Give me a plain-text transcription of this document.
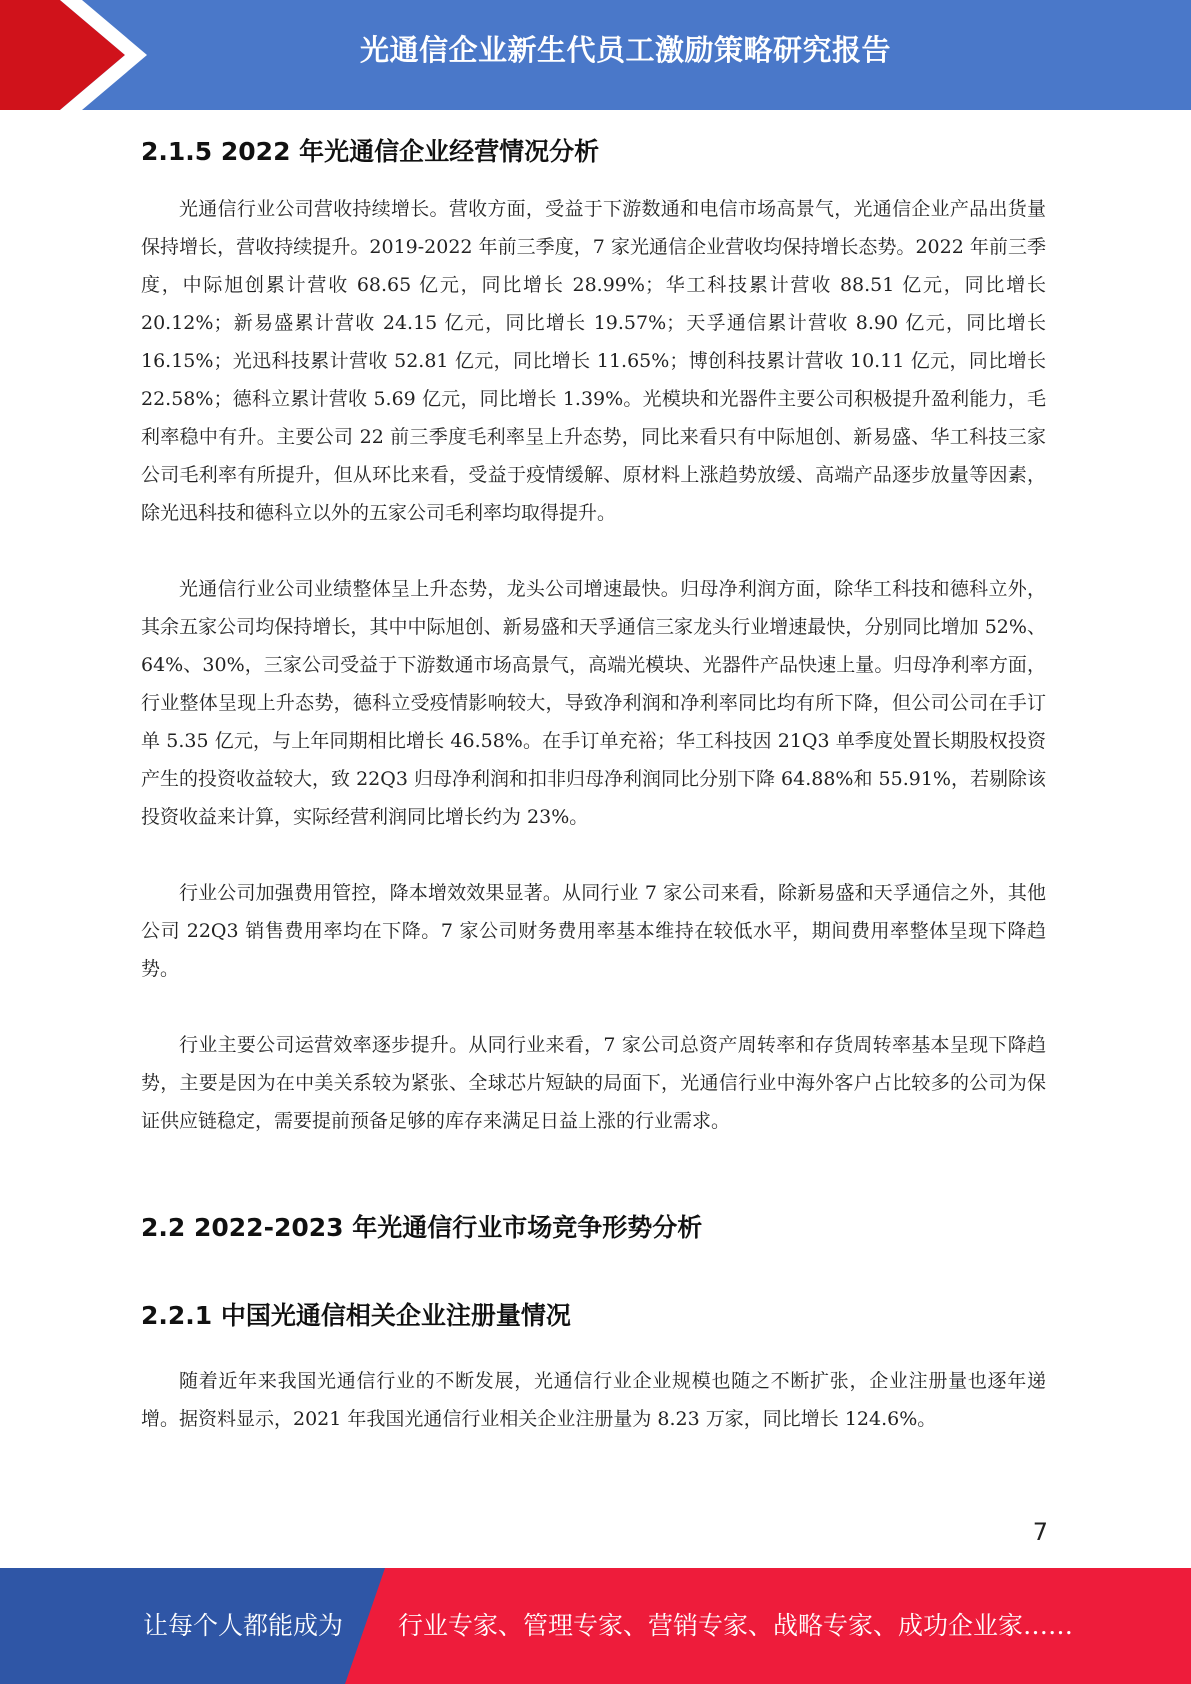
光通信企业新生代员工激励策略研究报告
2.1.5 2022 年光通信企业经营情况分析

光通信行业公司营收持续增长。营收方面，受益于下游数通和电信市场高景气，光通信企业产品出货量保持增长，营收持续提升。2019-2022 年前三季度，7 家光通信企业营收均保持增长态势。2022 年前三季度，中际旭创累计营收 68.65 亿元，同比增长 28.99%；华工科技累计营收 88.51 亿元，同比增长 20.12%；新易盛累计营收 24.15 亿元，同比增长 19.57%；天孚通信累计营收 8.90 亿元，同比增长 16.15%；光迅科技累计营收 52.81 亿元，同比增长 11.65%；博创科技累计营收 10.11 亿元，同比增长 22.58%；德科立累计营收 5.69 亿元，同比增长 1.39%。光模块和光器件主要公司积极提升盈利能力，毛利率稳中有升。主要公司 22 前三季度毛利率呈上升态势，同比来看只有中际旭创、新易盛、华工科技三家公司毛利率有所提升，但从环比来看，受益于疫情缓解、原材料上涨趋势放缓、高端产品逐步放量等因素，除光迅科技和德科立以外的五家公司毛利率均取得提升。

光通信行业公司业绩整体呈上升态势，龙头公司增速最快。归母净利润方面，除华工科技和德科立外，其余五家公司均保持增长，其中中际旭创、新易盛和天孚通信三家龙头行业增速最快，分别同比增加 52%、64%、30%，三家公司受益于下游数通市场高景气，高端光模块、光器件产品快速上量。归母净利率方面，行业整体呈现上升态势，德科立受疫情影响较大，导致净利润和净利率同比均有所下降，但公司公司在手订单 5.35 亿元，与上年同期相比增长 46.58%。在手订单充裕；华工科技因 21Q3 单季度处置长期股权投资产生的投资收益较大，致 22Q3 归母净利润和扣非归母净利润同比分别下降 64.88%和 55.91%，若剔除该投资收益来计算，实际经营利润同比增长约为 23%。

行业公司加强费用管控，降本增效效果显著。从同行业 7 家公司来看，除新易盛和天孚通信之外，其他公司 22Q3 销售费用率均在下降。7 家公司财务费用率基本维持在较低水平，期间费用率整体呈现下降趋势。

行业主要公司运营效率逐步提升。从同行业来看，7 家公司总资产周转率和存货周转率基本呈现下降趋势，主要是因为在中美关系较为紧张、全球芯片短缺的局面下，光通信行业中海外客户占比较多的公司为保证供应链稳定，需要提前预备足够的库存来满足日益上涨的行业需求。

2.2 2022-2023 年光通信行业市场竞争形势分析
2.2.1 中国光通信相关企业注册量情况

随着近年来我国光通信行业的不断发展，光通信行业企业规模也随之不断扩张，企业注册量也逐年递增。据资料显示，2021 年我国光通信行业相关企业注册量为 8.23 万家，同比增长 124.6%。

7
让每个人都能成为 行业专家、管理专家、营销专家、战略专家、成功企业家……
